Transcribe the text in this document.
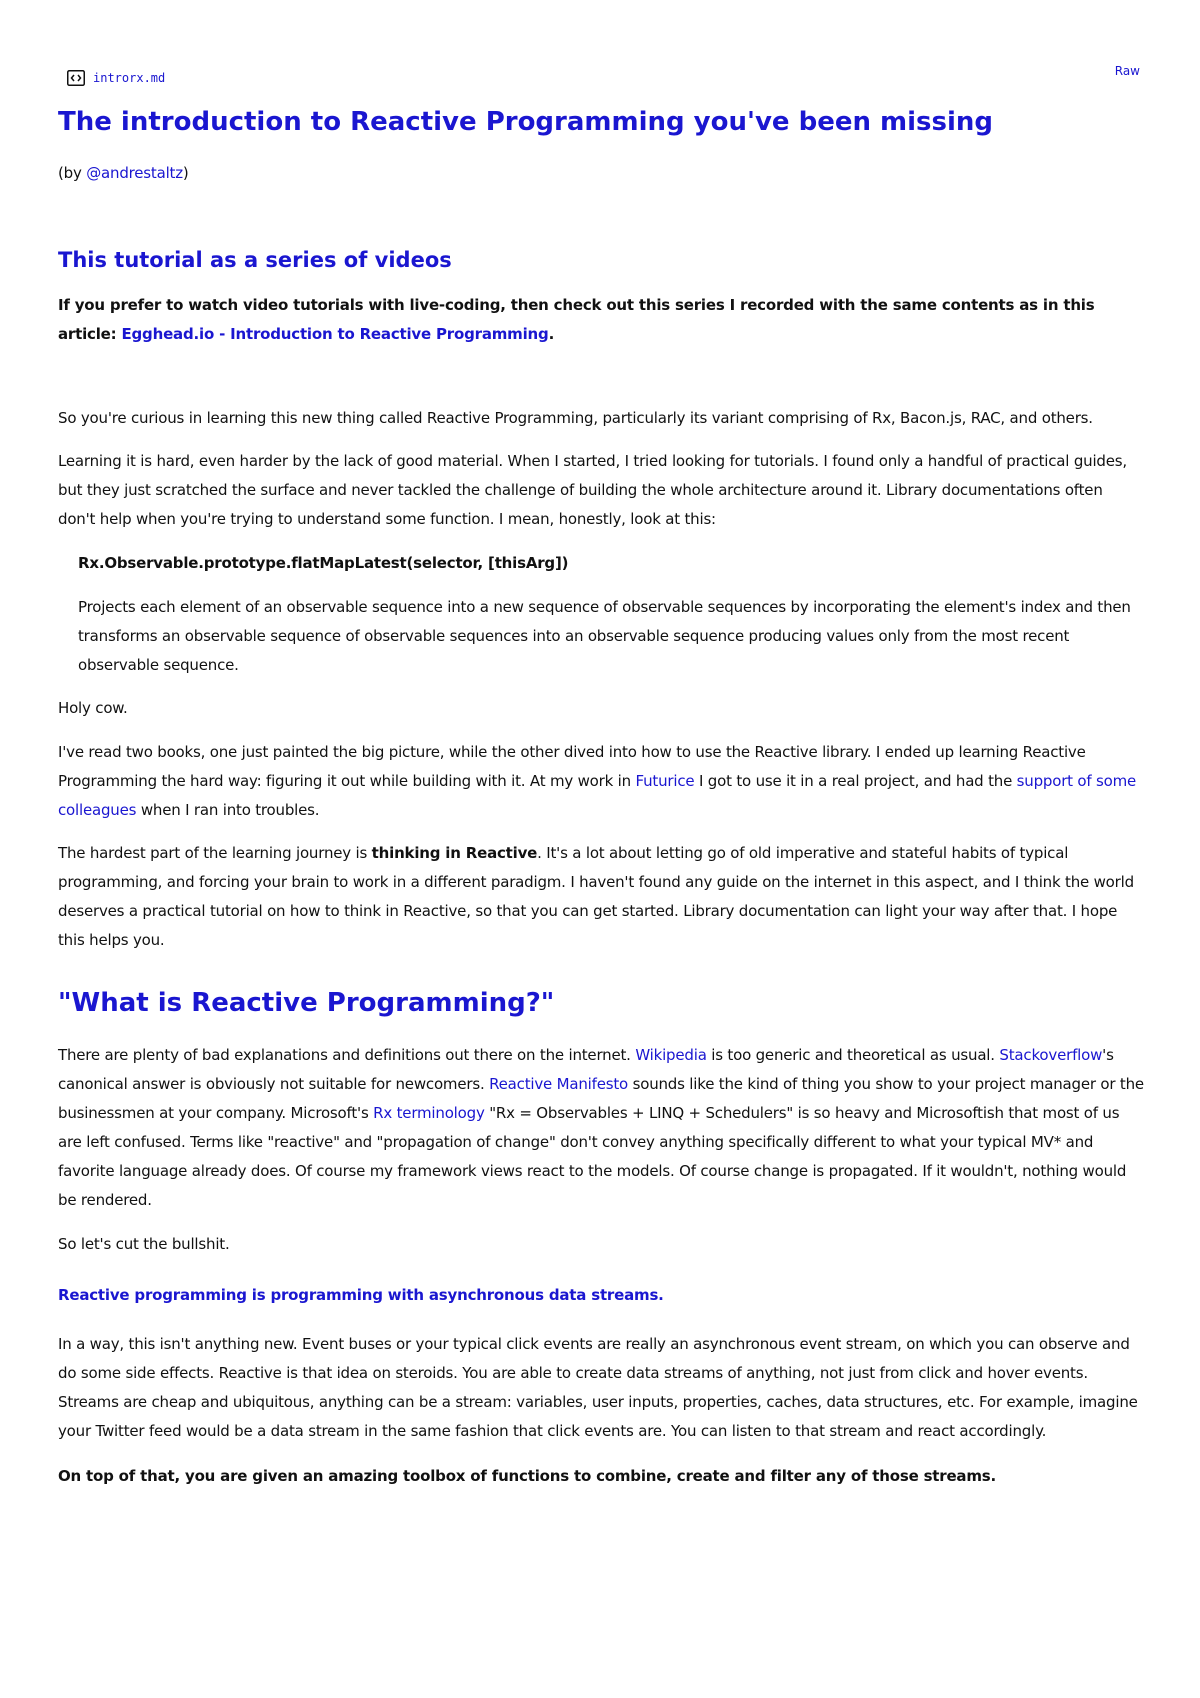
introrx.md	Raw
The introduction to Reactive Programming you've been missing

(by @andrestaltz)

This tutorial as a series of videos

If you prefer to watch video tutorials with live-coding, then check out this series I recorded with the same contents as in this article: Egghead.io - Introduction to Reactive Programming.

So you're curious in learning this new thing called Reactive Programming, particularly its variant comprising of Rx, Bacon.js, RAC, and others.

Learning it is hard, even harder by the lack of good material. When I started, I tried looking for tutorials. I found only a handful of practical guides, but they just scratched the surface and never tackled the challenge of building the whole architecture around it. Library documentations often don't help when you're trying to understand some function. I mean, honestly, look at this:

Rx.Observable.prototype.flatMapLatest(selector, [thisArg])

Projects each element of an observable sequence into a new sequence of observable sequences by incorporating the element's index and then transforms an observable sequence of observable sequences into an observable sequence producing values only from the most recent observable sequence.

Holy cow.

I've read two books, one just painted the big picture, while the other dived into how to use the Reactive library. I ended up learning Reactive Programming the hard way: figuring it out while building with it. At my work in Futurice I got to use it in a real project, and had the support of some colleagues when I ran into troubles.

The hardest part of the learning journey is thinking in Reactive. It's a lot about letting go of old imperative and stateful habits of typical programming, and forcing your brain to work in a different paradigm. I haven't found any guide on the internet in this aspect, and I think the world deserves a practical tutorial on how to think in Reactive, so that you can get started. Library documentation can light your way after that. I hope this helps you.

"What is Reactive Programming?"

There are plenty of bad explanations and definitions out there on the internet. Wikipedia is too generic and theoretical as usual. Stackoverflow's canonical answer is obviously not suitable for newcomers. Reactive Manifesto sounds like the kind of thing you show to your project manager or the businessmen at your company. Microsoft's Rx terminology "Rx = Observables + LINQ + Schedulers" is so heavy and Microsoftish that most of us are left confused. Terms like "reactive" and "propagation of change" don't convey anything specifically different to what your typical MV* and favorite language already does. Of course my framework views react to the models. Of course change is propagated. If it wouldn't, nothing would be rendered.

So let's cut the bullshit.

Reactive programming is programming with asynchronous data streams.

In a way, this isn't anything new. Event buses or your typical click events are really an asynchronous event stream, on which you can observe and do some side effects. Reactive is that idea on steroids. You are able to create data streams of anything, not just from click and hover events. Streams are cheap and ubiquitous, anything can be a stream: variables, user inputs, properties, caches, data structures, etc. For example, imagine your Twitter feed would be a data stream in the same fashion that click events are. You can listen to that stream and react accordingly.

On top of that, you are given an amazing toolbox of functions to combine, create and filter any of those streams.
